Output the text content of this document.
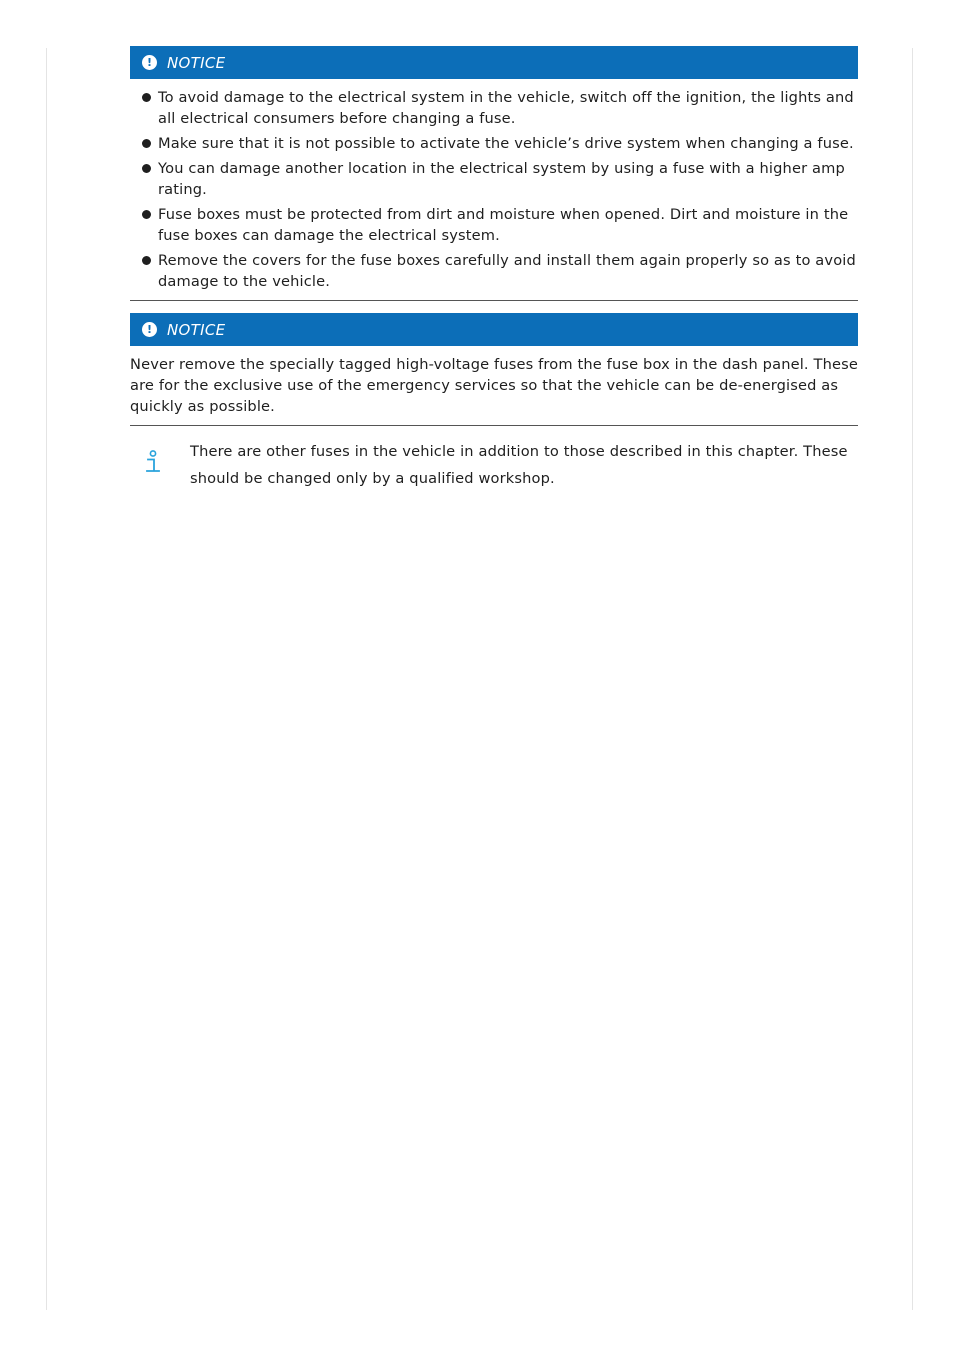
! NOTICE
To avoid damage to the electrical system in the vehicle, switch off the ignition, the lights and all electrical consumers before changing a fuse.
Make sure that it is not possible to activate the vehicle’s drive system when changing a fuse.
You can damage another location in the electrical system by using a fuse with a higher amp rating.
Fuse boxes must be protected from dirt and moisture when opened. Dirt and moisture in the fuse boxes can damage the electrical system.
Remove the covers for the fuse boxes carefully and install them again properly so as to avoid damage to the vehicle.
! NOTICE

Never remove the specially tagged high-voltage fuses from the fuse box in the dash panel. These are for the exclusive use of the emergency services so that the vehicle can be de-energised as quickly as possible.

There are other fuses in the vehicle in addition to those described in this chapter. These should be changed only by a qualified workshop.
